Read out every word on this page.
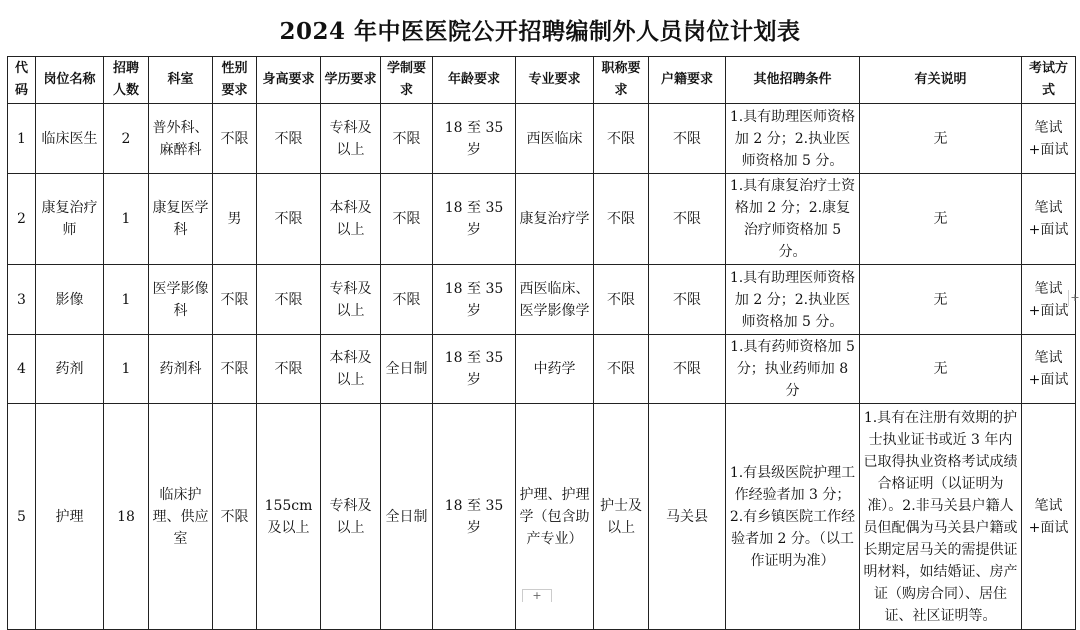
2024 年中医医院公开招聘编制外人员岗位计划表
代码	岗位名称	招聘人数	科室	性别要求	身高要求	学历要求	学制要求	年龄要求	专业要求	职称要求	户籍要求	其他招聘条件	有关说明	考试方式
1	临床医生	2	普外科、麻醉科	不限	不限	专科及以上	不限	18 至 35 岁	西医临床	不限	不限	1.具有助理医师资格加 2 分；2.执业医师资格加 5 分。	无	笔试+面试
2	康复治疗师	1	康复医学科	男	不限	本科及以上	不限	18 至 35 岁	康复治疗学	不限	不限	1.具有康复治疗士资格加 2 分；2.康复治疗师资格加 5 分。	无	笔试+面试
3	影像	1	医学影像科	不限	不限	专科及以上	不限	18 至 35 岁	西医临床、医学影像学	不限	不限	1.具有助理医师资格加 2 分；2.执业医师资格加 5 分。	无	笔试+面试
4	药剂	1	药剂科	不限	不限	本科及以上	全日制	18 至 35 岁	中药学	不限	不限	1.具有药师资格加 5 分；执业药师加 8 分	无	笔试+面试
5	护理	18	临床护理、供应室	不限	155cm 及以上	专科及以上	全日制	18 至 35 岁	护理、护理学（包含助产专业）	护士及以上	马关县	1.有县级医院护理工作经验者加 3 分；2.有乡镇医院工作经验者加 2 分。（以工作证明为准）	1.具有在注册有效期的护士执业证书或近 3 年内已取得执业资格考试成绩合格证明（以证明为准）。2.非马关县户籍人员但配偶为马关县户籍或长期定居马关的需提供证明材料，如结婚证、房产证（购房合同）、居住证、社区证明等。	笔试+面试
+
+
